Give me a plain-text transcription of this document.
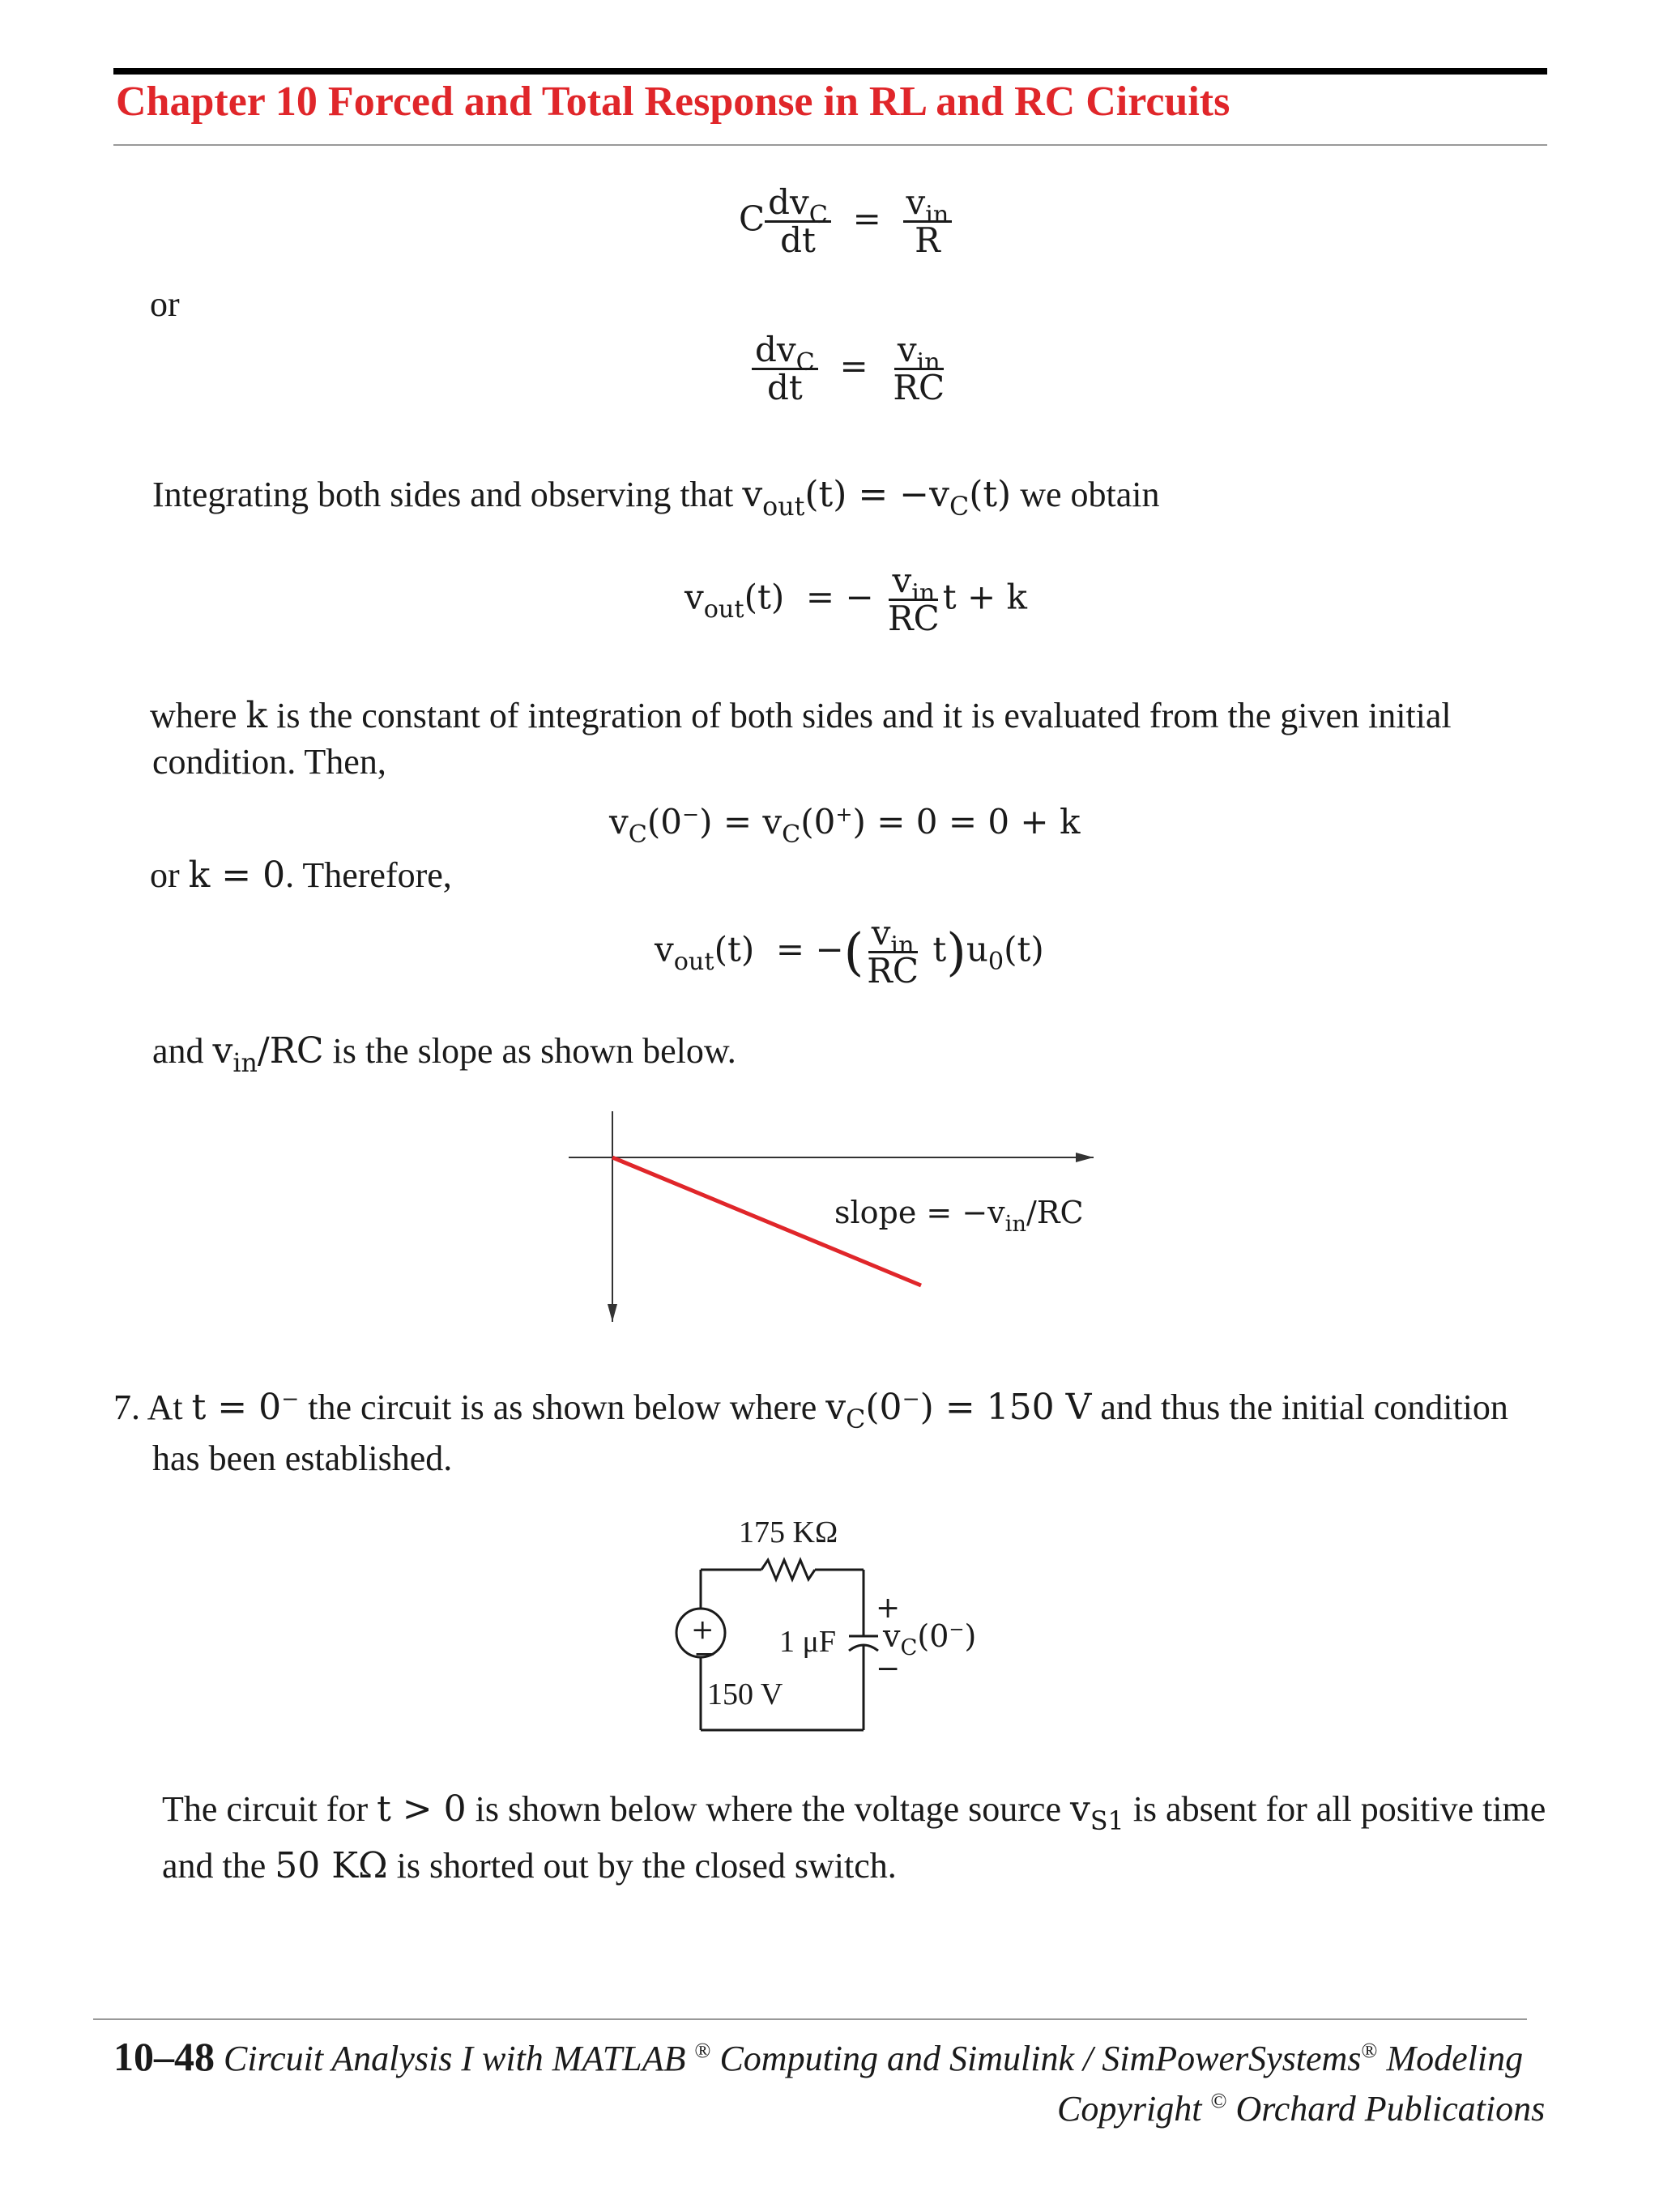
Chapter 10 Forced and Total Response in RL and RC Circuits
C $\frac{dv_C}{dt} = \frac{v_{in}}{R}$
or
$\frac{dv_C}{dt} = \frac{v_{in}}{RC}$
Integrating both sides and observing that $v_{out}(t) = -v_C(t)$ we obtain
$v_{out}(t)$ = − $\frac{v_{in}}{RC}$ t + k
where k is the constant of integration of both sides and it is evaluated from the given initial
condition. Then,
$v_C(0^-) = v_C(0^+) = 0 = 0 + k$
or k = 0. Therefore,
$v_{out}(t)$ = −( $\frac{v_{in}}{RC} t)u_0(t)$
and $v_{in}/RC$ is the slope as shown below.
slope = $-v_{in}/RC$
7. At t = 0− the circuit is as shown below where $v_C(0^-) = 150$ V and thus the initial condition
has been established.
175 KΩ
1 μF
150 V
+
−
+
−
$v_C(0^-)$
The circuit for t > 0 is shown below where the voltage source $v_{S1}$ is absent for all positive time
and the 50 KΩ is shorted out by the closed switch.
10–48 Circuit Analysis I with MATLAB ® Computing and Simulink / SimPowerSystems® Modeling
Copyright © Orchard Publications
